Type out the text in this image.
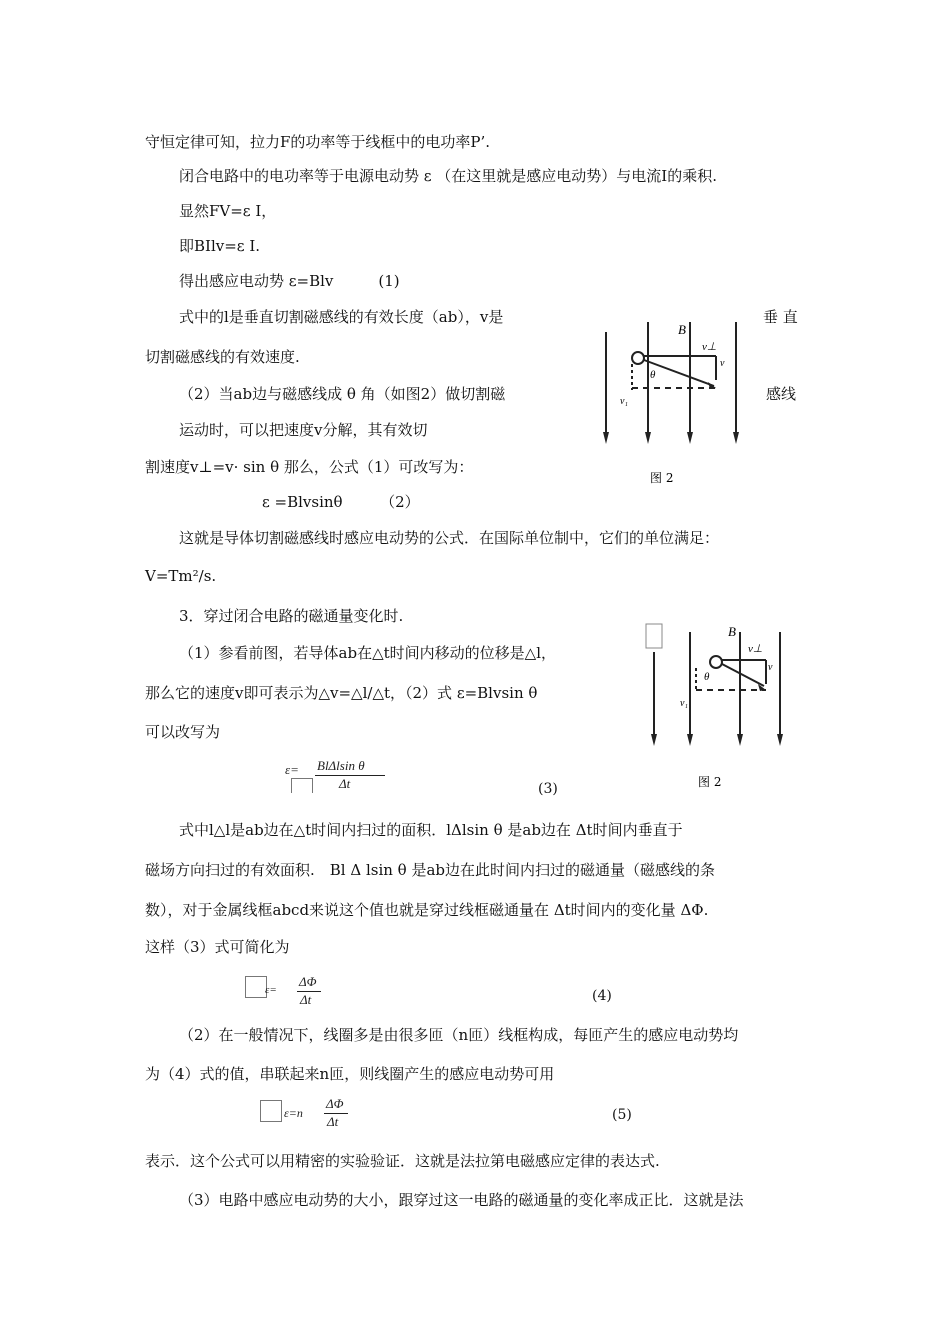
守恒定律可知，拉力F的功率等于线框中的电功率P’.
闭合电路中的电功率等于电源电动势 ε （在这里就是感应电动势）与电流I的乘积.
显然FV=ε I，
即BIlv=ε I.
得出感应电动势 ε=Blv　　　(1)
式中的l是垂直切割磁感线的有效长度（ab），v是	垂 直
切割磁感线的有效速度.
（2）当ab边与磁感线成 θ 角（如图2）做切割磁	感线
运动时，可以把速度v分解，其有效切
割速度v⊥=v· sin θ 那么，公式（1）可改写为：
ε =Blvsinθ　　　（2）
这就是导体切割磁感线时感应电动势的公式．在国际单位制中，它们的单位满足：
V=Tm²/s.
3．穿过闭合电路的磁通量变化时.
（1）参看前图，若导体ab在△t时间内移动的位移是△l，
那么它的速度v即可表示为△v=△l/△t，（2）式 ε=Blvsin θ
可以改写为
式中l△l是ab边在△t时间内扫过的面积．lΔlsin θ 是ab边在 Δt时间内垂直于
磁场方向扫过的有效面积.　Bl Δ lsin θ 是ab边在此时间内扫过的磁通量（磁感线的条
数），对于金属线框abcd来说这个值也就是穿过线框磁通量在 Δt时间内的变化量 ΔΦ.
这样（3）式可简化为
（2）在一般情况下，线圈多是由很多匝（n匝）线框构成，每匝产生的感应电动势均
为（4）式的值，串联起来n匝，则线圈产生的感应电动势可用
表示．这个公式可以用精密的实验验证．这就是法拉第电磁感应定律的表达式.
（3）电路中感应电动势的大小，跟穿过这一电路的磁通量的变化率成正比．这就是法
B
v⊥
v
θ
v₁
图 2
B
v⊥
v
θ
v₁
图 2
ε= BlΔlsin θ
Δt	(3)
ε=
ΔΦ
Δt	(4)
ε=n
ΔΦ
Δt	(5)
